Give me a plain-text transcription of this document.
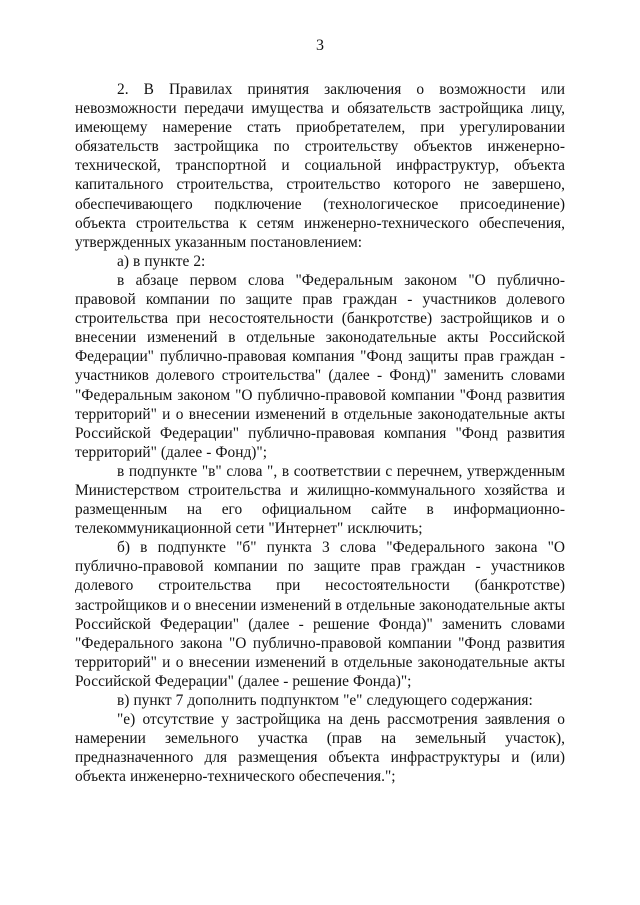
3

2. В Правилах принятия заключения о возможности или невозможности передачи имущества и обязательств застройщика лицу, имеющему намерение стать приобретателем, при урегулировании обязательств застройщика по строительству объектов инженерно-технической, транспортной и социальной инфраструктур, объекта капитального строительства, строительство которого не завершено, обеспечивающего подключение (технологическое присоединение) объекта строительства к сетям инженерно-технического обеспечения, утвержденных указанным постановлением:

а) в пункте 2:

в абзаце первом слова "Федеральным законом "О публично-правовой компании по защите прав граждан - участников долевого строительства при несостоятельности (банкротстве) застройщиков и о внесении изменений в отдельные законодательные акты Российской Федерации" публично-правовая компания "Фонд защиты прав граждан - участников долевого строительства" (далее - Фонд)" заменить словами "Федеральным законом "О публично-правовой компании "Фонд развития территорий" и о внесении изменений в отдельные законодательные акты Российской Федерации" публично-правовая компания "Фонд развития территорий" (далее - Фонд)";

в подпункте "в" слова ", в соответствии с перечнем, утвержденным Министерством строительства и жилищно-коммунального хозяйства и размещенным на его официальном сайте в информационно-телекоммуникационной сети "Интернет" исключить;

б) в подпункте "б" пункта 3 слова "Федерального закона "О публично-правовой компании по защите прав граждан - участников долевого строительства при несостоятельности (банкротстве) застройщиков и о внесении изменений в отдельные законодательные акты Российской Федерации" (далее - решение Фонда)" заменить словами "Федерального закона "О публично-правовой компании "Фонд развития территорий" и о внесении изменений в отдельные законодательные акты Российской Федерации" (далее - решение Фонда)";

в) пункт 7 дополнить подпунктом "е" следующего содержания:

"е) отсутствие у застройщика на день рассмотрения заявления о намерении земельного участка (прав на земельный участок), предназначенного для размещения объекта инфраструктуры и (или) объекта инженерно-технического обеспечения.";
